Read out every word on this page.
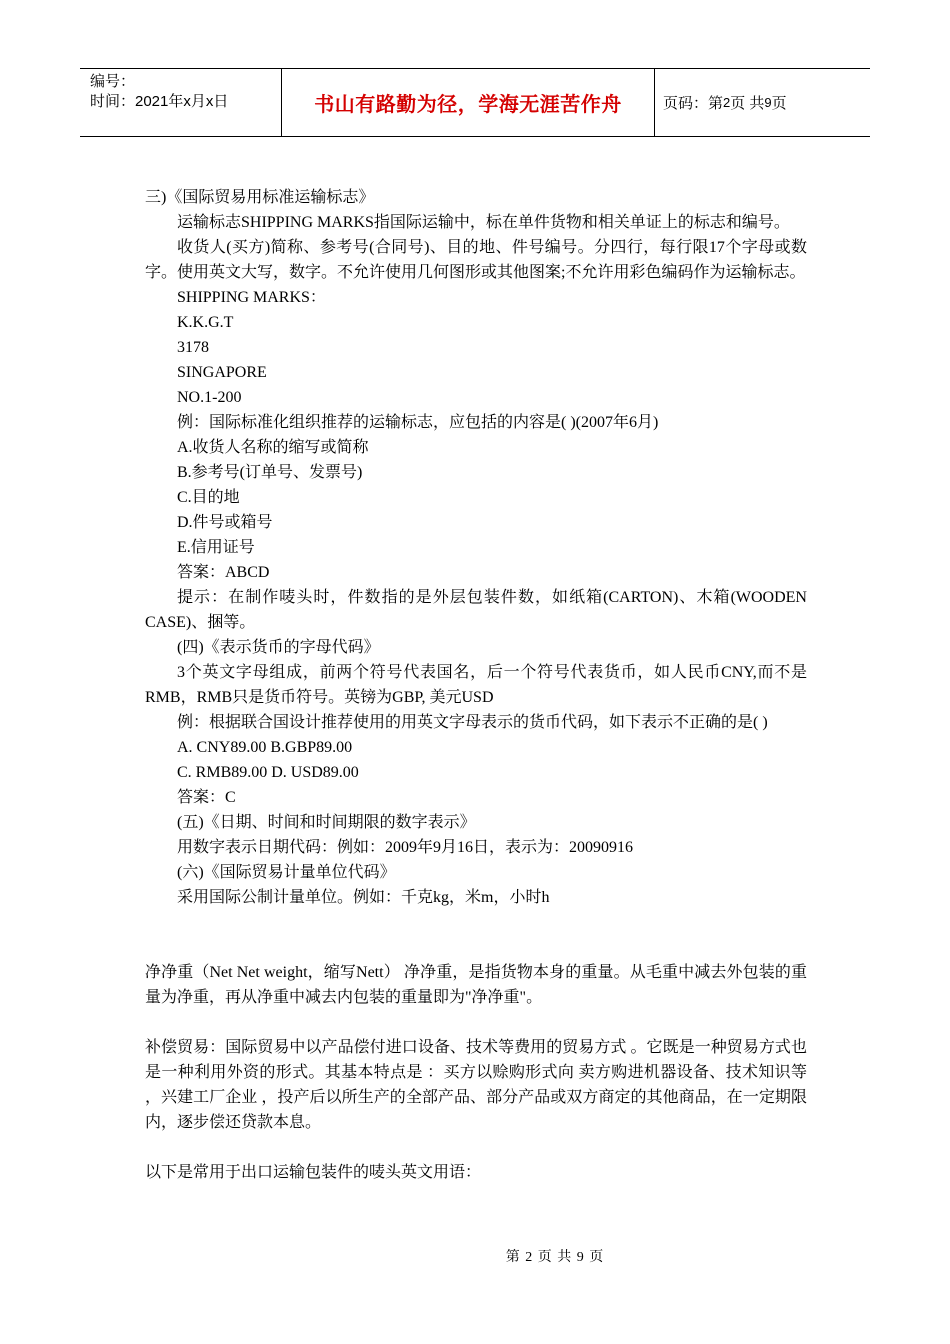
编号：
时间：2021年x月x日	书山有路勤为径，学海无涯苦作舟	页码：第 2 页 共 9 页

三)《国际贸易用标准运输标志》

运输标志SHIPPING MARKS指国际运输中，标在单件货物和相关单证上的标志和编号。

收货人(买方)简称、参考号(合同号)、目的地、件号编号。分四行，每行限17个字母或数字。使用英文大写，数字。不允许使用几何图形或其他图案;不允许用彩色编码作为运输标志。

SHIPPING MARKS：

K.K.G.T

3178

SINGAPORE

NO.1-200

例：国际标准化组织推荐的运输标志，应包括的内容是( )(2007年6月)

A.收货人名称的缩写或简称

B.参考号(订单号、发票号)

C.目的地

D.件号或箱号

E.信用证号

答案：ABCD

提示：在制作唛头时，件数指的是外层包装件数，如纸箱(CARTON)、木箱(WOODEN CASE)、捆等。

(四)《表示货币的字母代码》

3个英文字母组成，前两个符号代表国名，后一个符号代表货币，如人民币CNY,而不是RMB，RMB只是货币符号。英镑为GBP, 美元USD

例：根据联合国设计推荐使用的用英文字母表示的货币代码，如下表示不正确的是( )

A. CNY89.00 B.GBP89.00

C. RMB89.00 D. USD89.00

答案：C

(五)《日期、时间和时间期限的数字表示》

用数字表示日期代码：例如：2009年9月16日，表示为：20090916

(六)《国际贸易计量单位代码》

采用国际公制计量单位。例如：千克kg，米m，小时h

净净重（Net Net weight，缩写Nett） 净净重，是指货物本身的重量。从毛重中减去外包装的重量为净重，再从净重中减去内包装的重量即为"净净重"。

补偿贸易：国际贸易中以产品偿付进口设备、技术等费用的贸易方式 。它既是一种贸易方式也是一种利用外资的形式。其基本特点是 ：买方以赊购形式向 卖方购进机器设备、技术知识等 ，兴建工厂企业 ，投产后以所生产的全部产品、部分产品或双方商定的其他商品，在一定期限内，逐步偿还贷款本息。

以下是常用于出口运输包装件的唛头英文用语：

第 2 页 共 9 页
